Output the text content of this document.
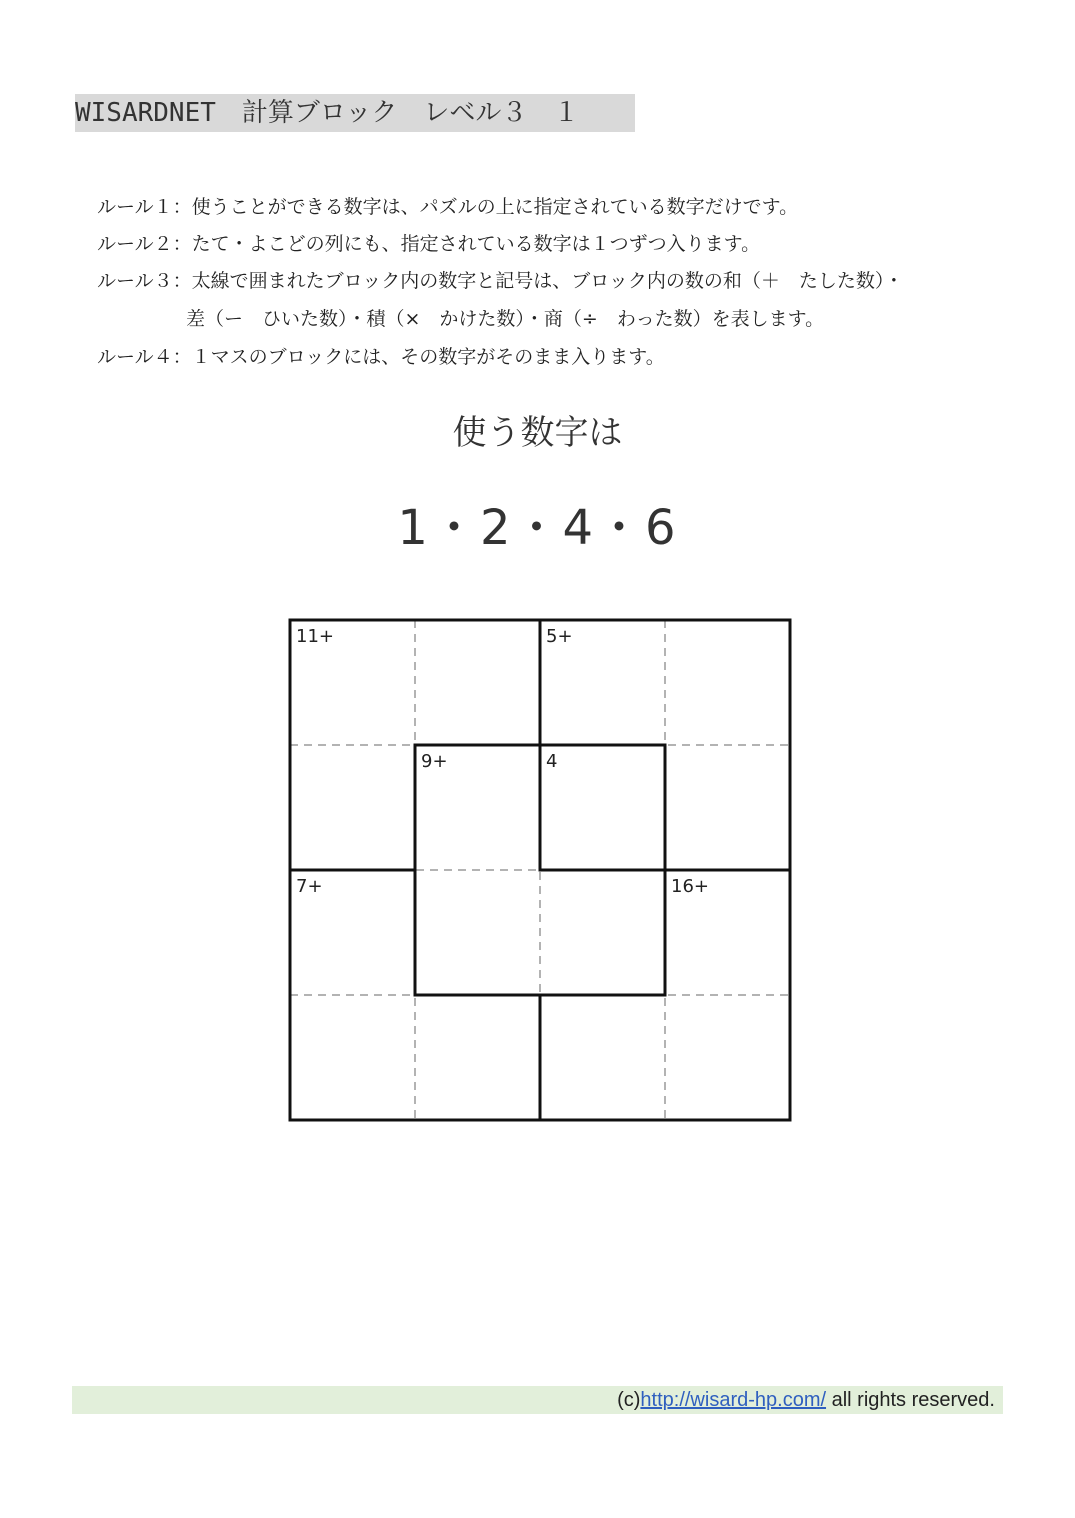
WISARDNET　計算ブロック　レベル３　１
ルール１：使うことができる数字は、パズルの上に指定されている数字だけです。
ルール２：たて・よこどの列にも、指定されている数字は１つずつ入ります。
ルール３：太線で囲まれたブロック内の数字と記号は、ブロック内の数の和（＋　たした数）・
差（ー　ひいた数）・積（×　かけた数）・商（÷　わった数）を表します。
ルール４：１マスのブロックには、その数字がそのまま入ります。
使う数字は
1・2・4・6
11+	5+
9+	4
7+	16+
(c)http://wisard-hp.com/ all rights reserved.
